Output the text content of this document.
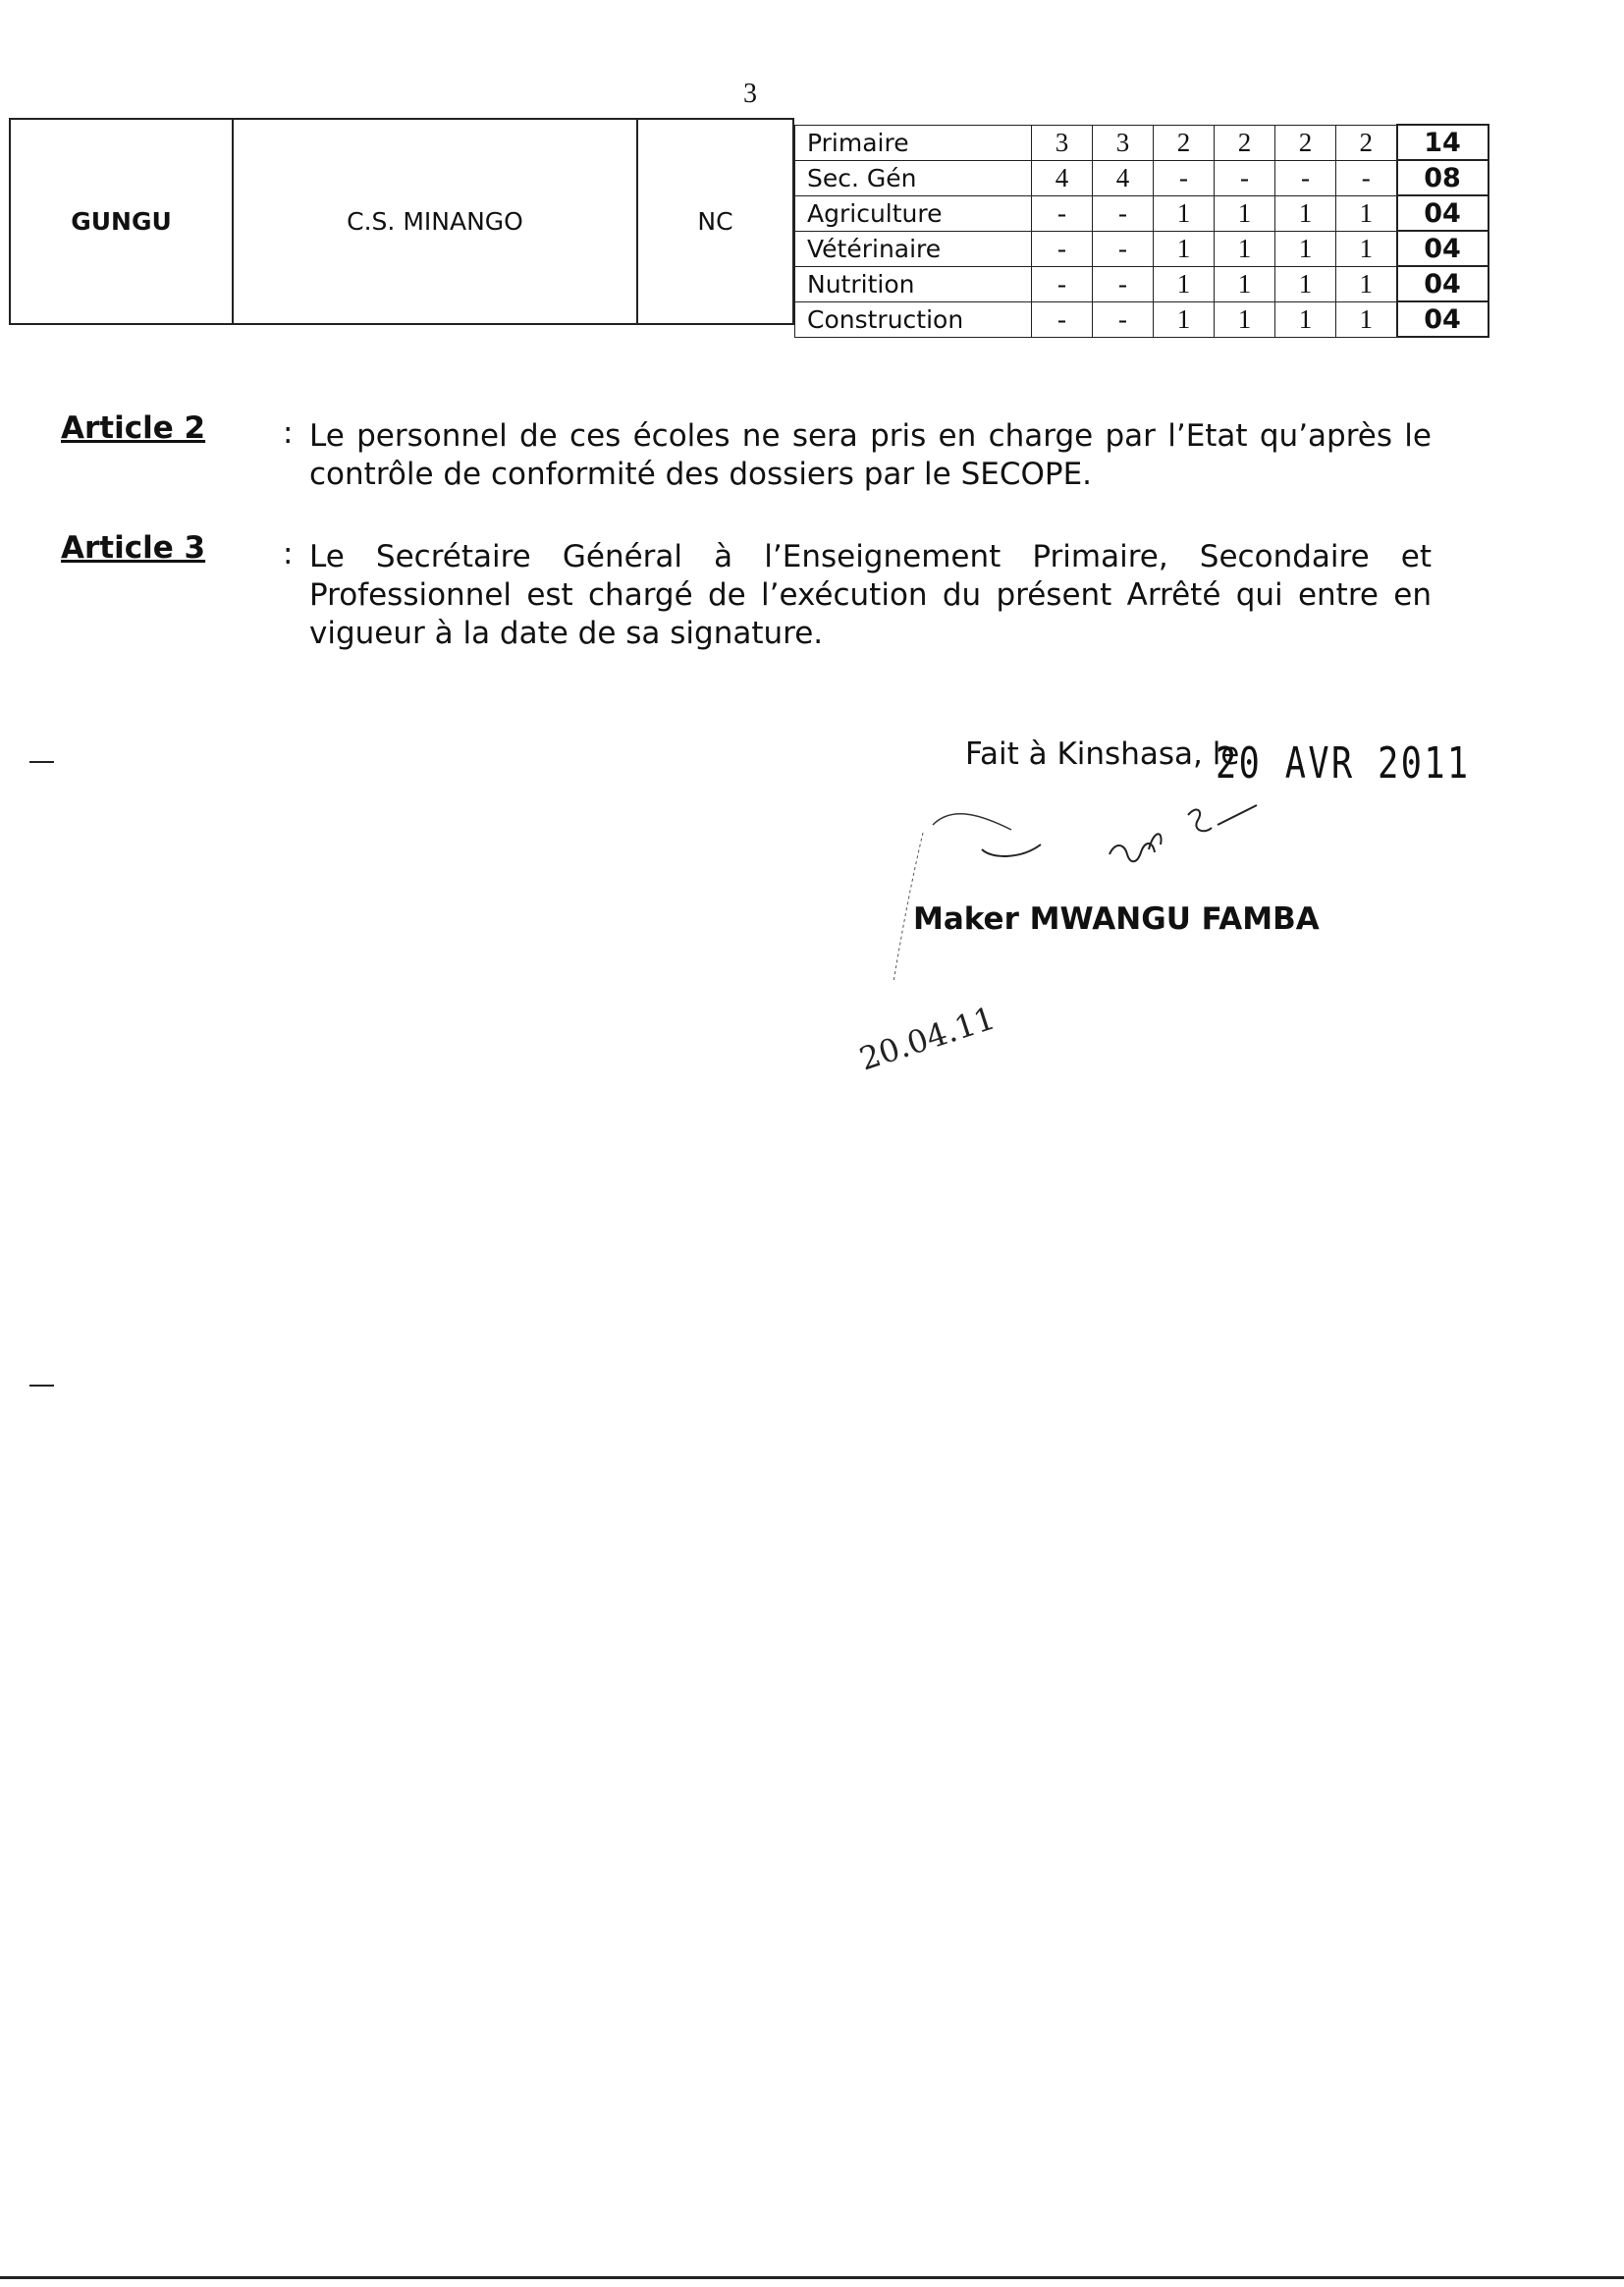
3
GUNGU	C.S. MINANGO	NC
Primaire	3	3	2	2	2	2	14
Sec. Gén	4	4	-	-	-	-	08
Agriculture	-	-	1	1	1	1	04
Vétérinaire	-	-	1	1	1	1	04
Nutrition	-	-	1	1	1	1	04
Construction	-	-	1	1	1	1	04
Article 2	: Le personnel de ces écoles ne sera pris en charge par l’Etat qu’après le contrôle de conformité des dossiers par le SECOPE.
Article 3	: Le Secrétaire Général à l’Enseignement Primaire, Secondaire et Professionnel est chargé de l’exécution du présent Arrêté qui entre en vigueur à la date de sa signature.
Fait à Kinshasa, le
20 AVR 2011
20.04.11
Maker MWANGU FAMBA
